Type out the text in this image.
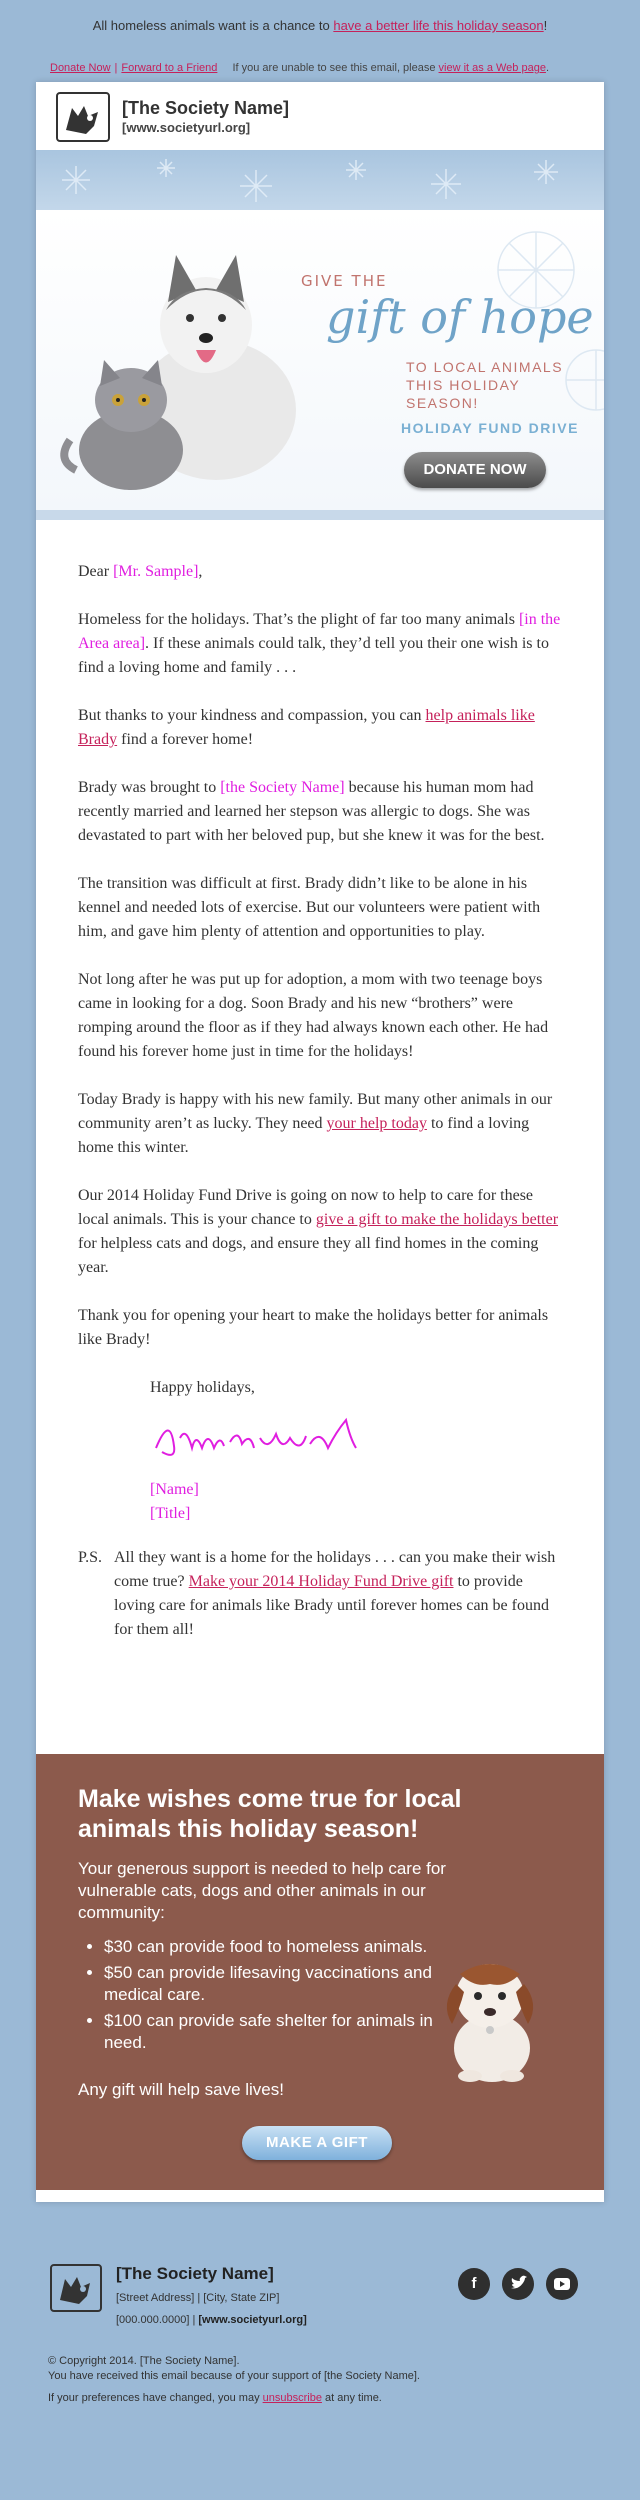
All homeless animals want is a chance to have a better life this holiday season!
Donate Now | Forward to a Friend If you are unable to see this email, please view it as a Web page.
[The Society Name]
[www.societyurl.org]
GIVE THE
gift of hope
TO LOCAL ANIMALS
THIS HOLIDAY SEASON!
HOLIDAY FUND DRIVE
DONATE NOW

Dear [Mr. Sample],

Homeless for the holidays. That’s the plight of far too many animals [in the Area area]. If these animals could talk, they’d tell you their one wish is to find a loving home and family . . .

But thanks to your kindness and compassion, you can help animals like Brady find a forever home!

Brady was brought to [the Society Name] because his human mom had recently married and learned her stepson was allergic to dogs. She was devastated to part with her beloved pup, but she knew it was for the best.

The transition was difficult at first. Brady didn’t like to be alone in his kennel and needed lots of exercise. But our volunteers were patient with him, and gave him plenty of attention and opportunities to play.

Not long after he was put up for adoption, a mom with two teenage boys came in looking for a dog. Soon Brady and his new “brothers” were romping around the floor as if they had always known each other. He had found his forever home just in time for the holidays!

Today Brady is happy with his new family. But many other animals in our community aren’t as lucky. They need your help today to find a loving home this winter.

Our 2014 Holiday Fund Drive is going on now to help to care for these local animals. This is your chance to give a gift to make the holidays better for helpless cats and dogs, and ensure they all find homes in the coming year.

Thank you for opening your heart to make the holidays better for animals like Brady!

Happy holidays,
[Name]
[Title]
P.S. All they want is a home for the holidays . . . can you make their wish come true? Make your 2014 Holiday Fund Drive gift to provide loving care for animals like Brady until forever homes can be found for them all!
Make wishes come true for local animals this holiday season!
Your generous support is needed to help care for vulnerable cats, dogs and other animals in our community:
• $30 can provide food to homeless animals.
• $50 can provide lifesaving vaccinations and medical care.
• $100 can provide safe shelter for animals in need.
Any gift will help save lives!
MAKE A GIFT
[The Society Name]
[Street Address] | [City, State ZIP]
[000.000.0000] | [www.societyurl.org]
f
© Copyright 2014. [The Society Name].
You have received this email because of your support of [the Society Name].
If your preferences have changed, you may unsubscribe at any time.
